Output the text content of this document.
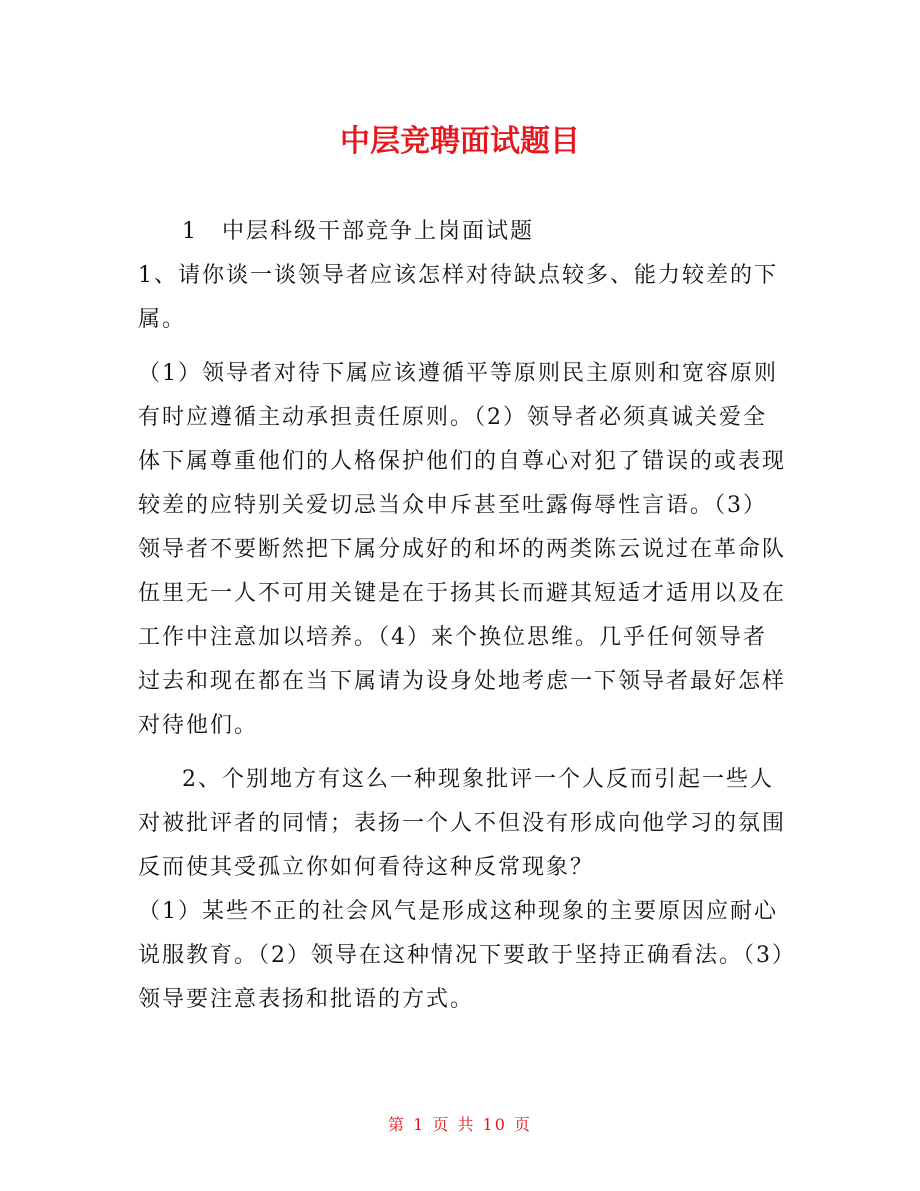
中层竞聘面试题目

1　中层科级干部竞争上岗面试题

1、请你谈一谈领导者应该怎样对待缺点较多、能力较差的下属。

（1）领导者对待下属应该遵循平等原则民主原则和宽容原则有时应遵循主动承担责任原则。（2）领导者必须真诚关爱全体下属尊重他们的人格保护他们的自尊心对犯了错误的或表现较差的应特别关爱切忌当众申斥甚至吐露侮辱性言语。（3）领导者不要断然把下属分成好的和坏的两类陈云说过在革命队伍里无一人不可用关键是在于扬其长而避其短适才适用以及在工作中注意加以培养。（4）来个换位思维。几乎任何领导者过去和现在都在当下属请为设身处地考虑一下领导者最好怎样对待他们。

2、个别地方有这么一种现象批评一个人反而引起一些人对被批评者的同情；表扬一个人不但没有形成向他学习的氛围反而使其受孤立你如何看待这种反常现象？

（1）某些不正的社会风气是形成这种现象的主要原因应耐心说服教育。（2）领导在这种情况下要敢于坚持正确看法。（3）领导要注意表扬和批语的方式。

第 1 页 共 10 页
